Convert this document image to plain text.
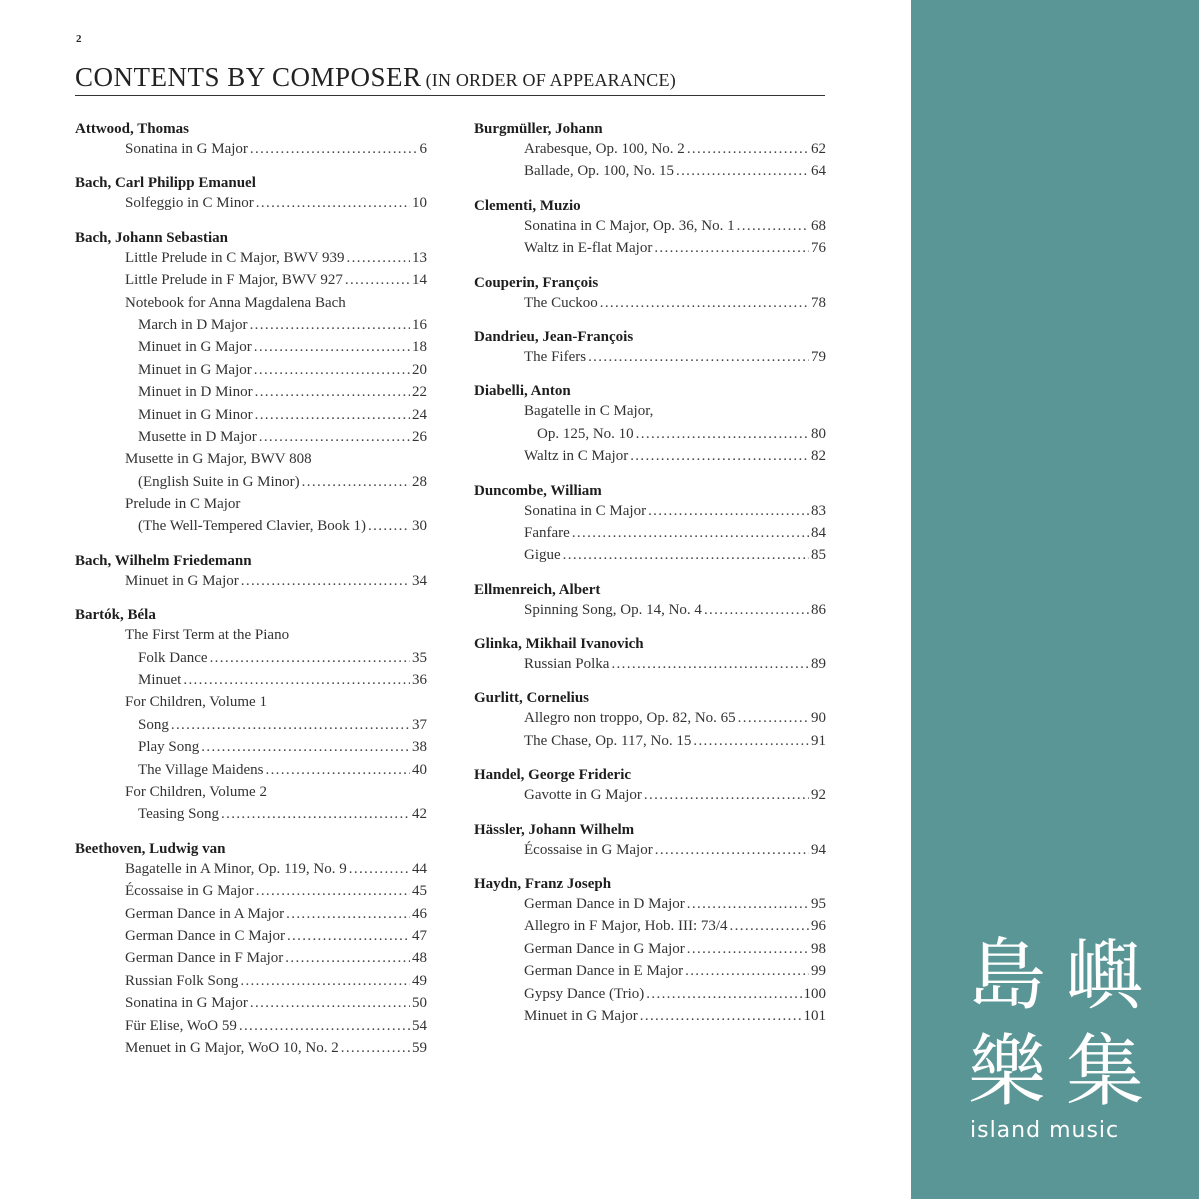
2
CONTENTS BY COMPOSER (IN ORDER OF APPEARANCE)
Attwood, Thomas
Sonatina in G Major . . .	6
Bach, Carl Philipp Emanuel
Solfeggio in C Minor . . .	10
Bach, Johann Sebastian
Little Prelude in C Major, BWV 939 . . .	13
Little Prelude in F Major, BWV 927 . . .	14
Notebook for Anna Magdalena Bach
March in D Major . . .	16
Minuet in G Major . . .	18
Minuet in G Major . . .	20
Minuet in D Minor . . .	22
Minuet in G Minor . . .	24
Musette in D Major . . .	26
Musette in G Major, BWV 808
(English Suite in G Minor) . . .	28
Prelude in C Major
(The Well-Tempered Clavier, Book 1) . . .	30
Bach, Wilhelm Friedemann
Minuet in G Major . . .	34
Bartók, Béla
The First Term at the Piano
Folk Dance . . .	35
Minuet . . .	36
For Children, Volume 1
Song . . .	37
Play Song . . .	38
The Village Maidens . . .	40
For Children, Volume 2
Teasing Song . . .	42
Beethoven, Ludwig van
Bagatelle in A Minor, Op. 119, No. 9 . . .	44
Écossaise in G Major . . .	45
German Dance in A Major . . .	46
German Dance in C Major . . .	47
German Dance in F Major . . .	48
Russian Folk Song . . .	49
Sonatina in G Major . . .	50
Für Elise, WoO 59 . . .	54
Menuet in G Major, WoO 10, No. 2 . . .	59
Burgmüller, Johann
Arabesque, Op. 100, No. 2 . . .	62
Ballade, Op. 100, No. 15 . . .	64
Clementi, Muzio
Sonatina in C Major, Op. 36, No. 1 . . .	68
Waltz in E-flat Major . . .	76
Couperin, François
The Cuckoo . . .	78
Dandrieu, Jean-François
The Fifers . . .	79
Diabelli, Anton
Bagatelle in C Major,
Op. 125, No. 10 . . .	80
Waltz in C Major . . .	82
Duncombe, William
Sonatina in C Major . . .	83
Fanfare . . .	84
Gigue . . .	85
Ellmenreich, Albert
Spinning Song, Op. 14, No. 4 . . .	86
Glinka, Mikhail Ivanovich
Russian Polka . . .	89
Gurlitt, Cornelius
Allegro non troppo, Op. 82, No. 65 . . .	90
The Chase, Op. 117, No. 15 . . .	91
Handel, George Frideric
Gavotte in G Major . . .	92
Hässler, Johann Wilhelm
Écossaise in G Major . . .	94
Haydn, Franz Joseph
German Dance in D Major . . .	95
Allegro in F Major, Hob. III: 73/4 . . .	96
German Dance in G Major . . .	98
German Dance in E Major . . .	99
Gypsy Dance (Trio) . . .	100
Minuet in G Major . . .	101 島 嶼
樂 集
island music
